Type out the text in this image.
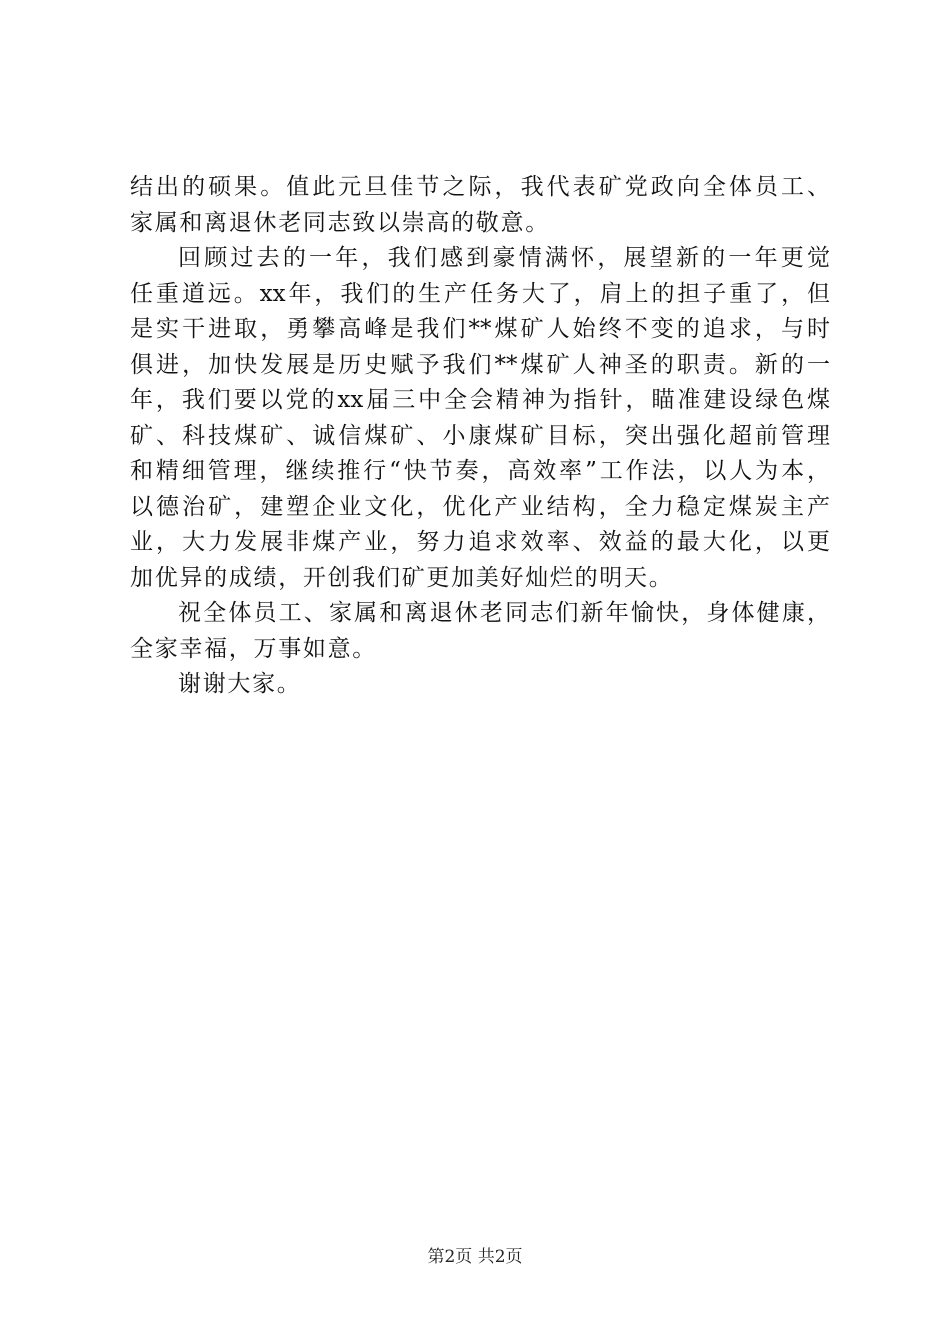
结出的硕果。值此元旦佳节之际，我代表矿党政向全体员工、
家属和离退休老同志致以崇高的敬意。
回顾过去的一年，我们感到豪情满怀，展望新的一年更觉
任重道远。xx年，我们的生产任务大了，肩上的担子重了，但
是实干进取，勇攀高峰是我们**煤矿人始终不变的追求，与时
俱进，加快发展是历史赋予我们**煤矿人神圣的职责。新的一
年，我们要以党的xx届三中全会精神为指针，瞄准建设绿色煤
矿、科技煤矿、诚信煤矿、小康煤矿目标，突出强化超前管理
和精细管理，继续推行“快节奏，高效率”工作法，以人为本，
以德治矿，建塑企业文化，优化产业结构，全力稳定煤炭主产
业，大力发展非煤产业，努力追求效率、效益的最大化，以更
加优异的成绩，开创我们矿更加美好灿烂的明天。
祝全体员工、家属和离退休老同志们新年愉快，身体健康，
全家幸福，万事如意。
谢谢大家。
第2页 共2页
